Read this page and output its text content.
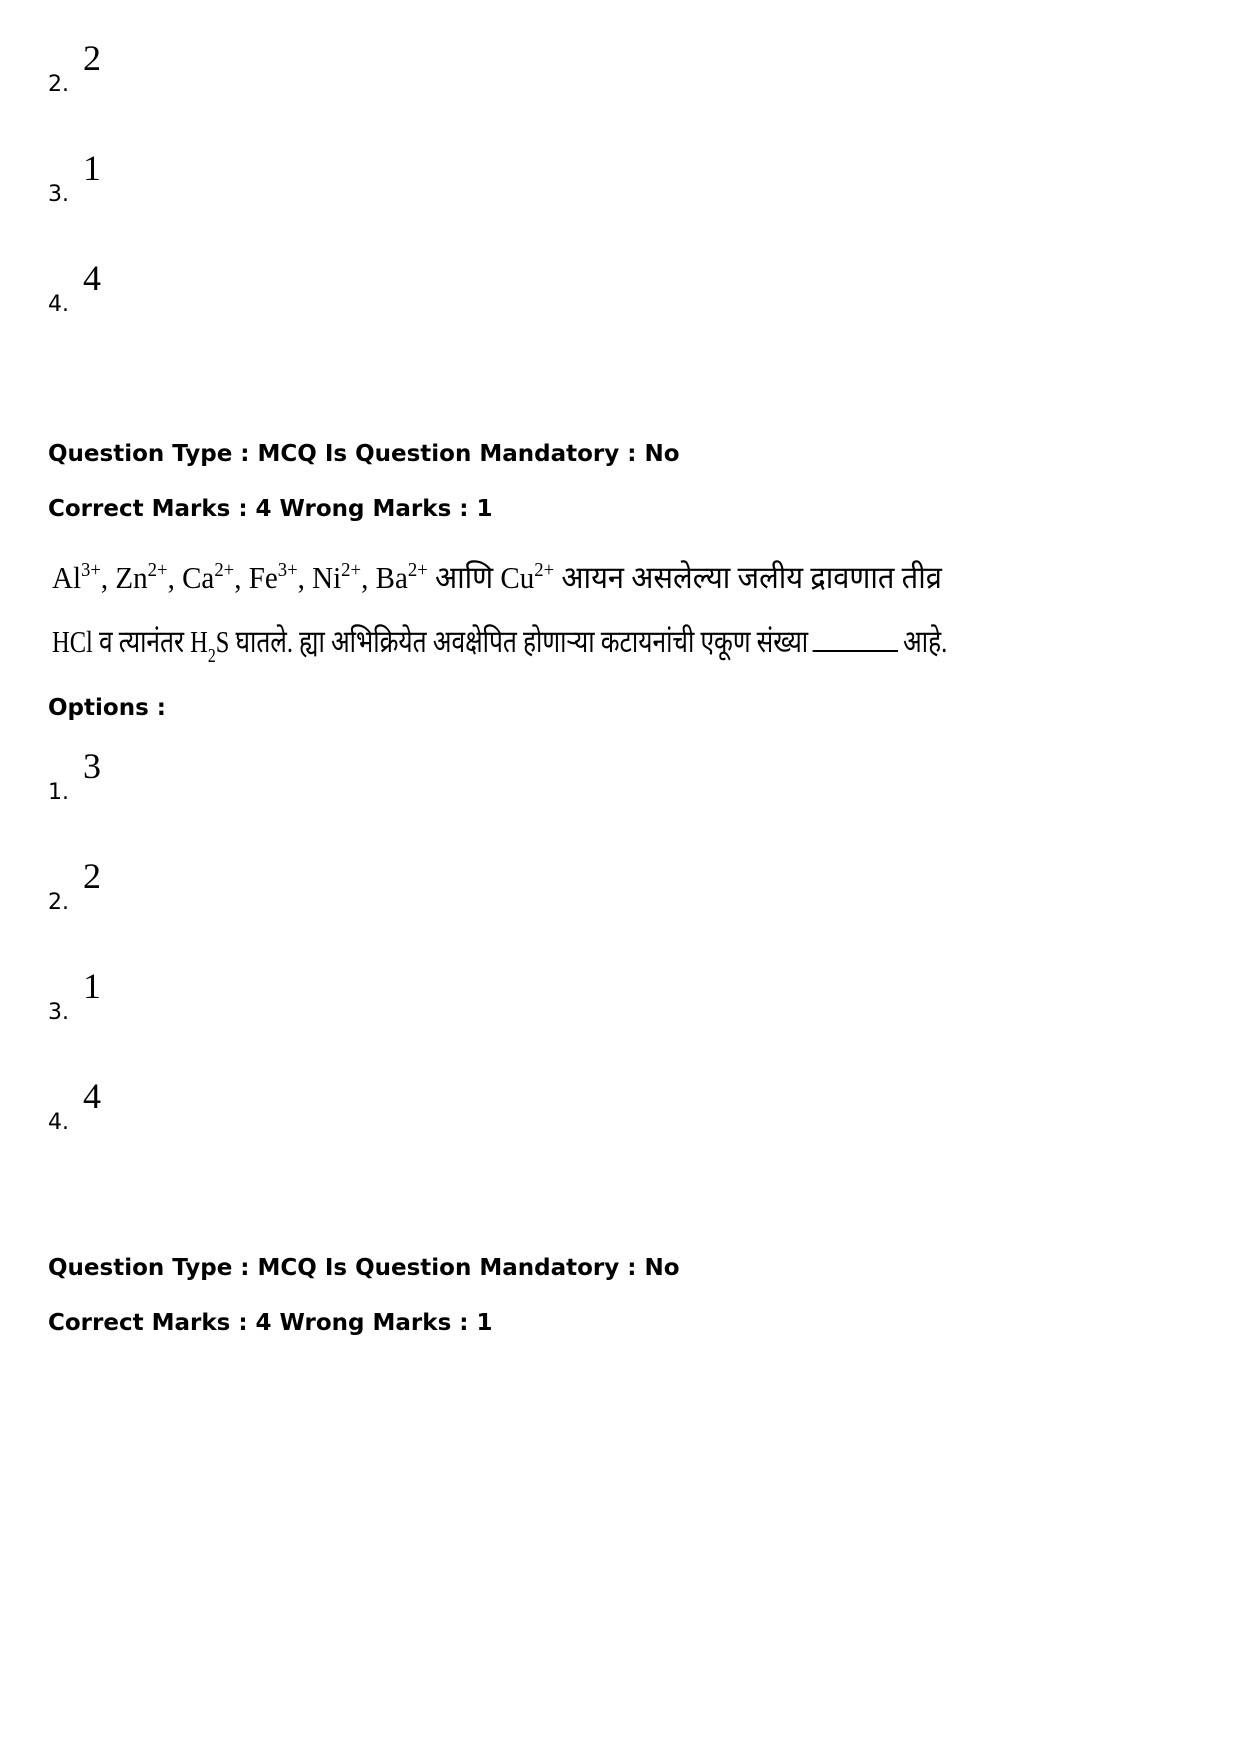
2.
2
3.
1
4.
4
Question Type : MCQ Is Question Mandatory : No
Correct Marks : 4 Wrong Marks : 1
$Al^{3+}$, $Zn^{2+}$, $Ca^{2+}$, $Fe^{3+}$, $Ni^{2+}$, $Ba^{2+}$ आणि $Cu^{2+}$ आयन असलेल्या जलीय द्रावणात तीव्र
HCl व त्यानंतर $H_2S$ घातले. ह्या अभिक्रियेत अवक्षेपित होणाऱ्या कटायनांची एकूण संख्या	आहे.
Options :
1.
3
2.
2
3.
1
4.
4
Question Type : MCQ Is Question Mandatory : No
Correct Marks : 4 Wrong Marks : 1
